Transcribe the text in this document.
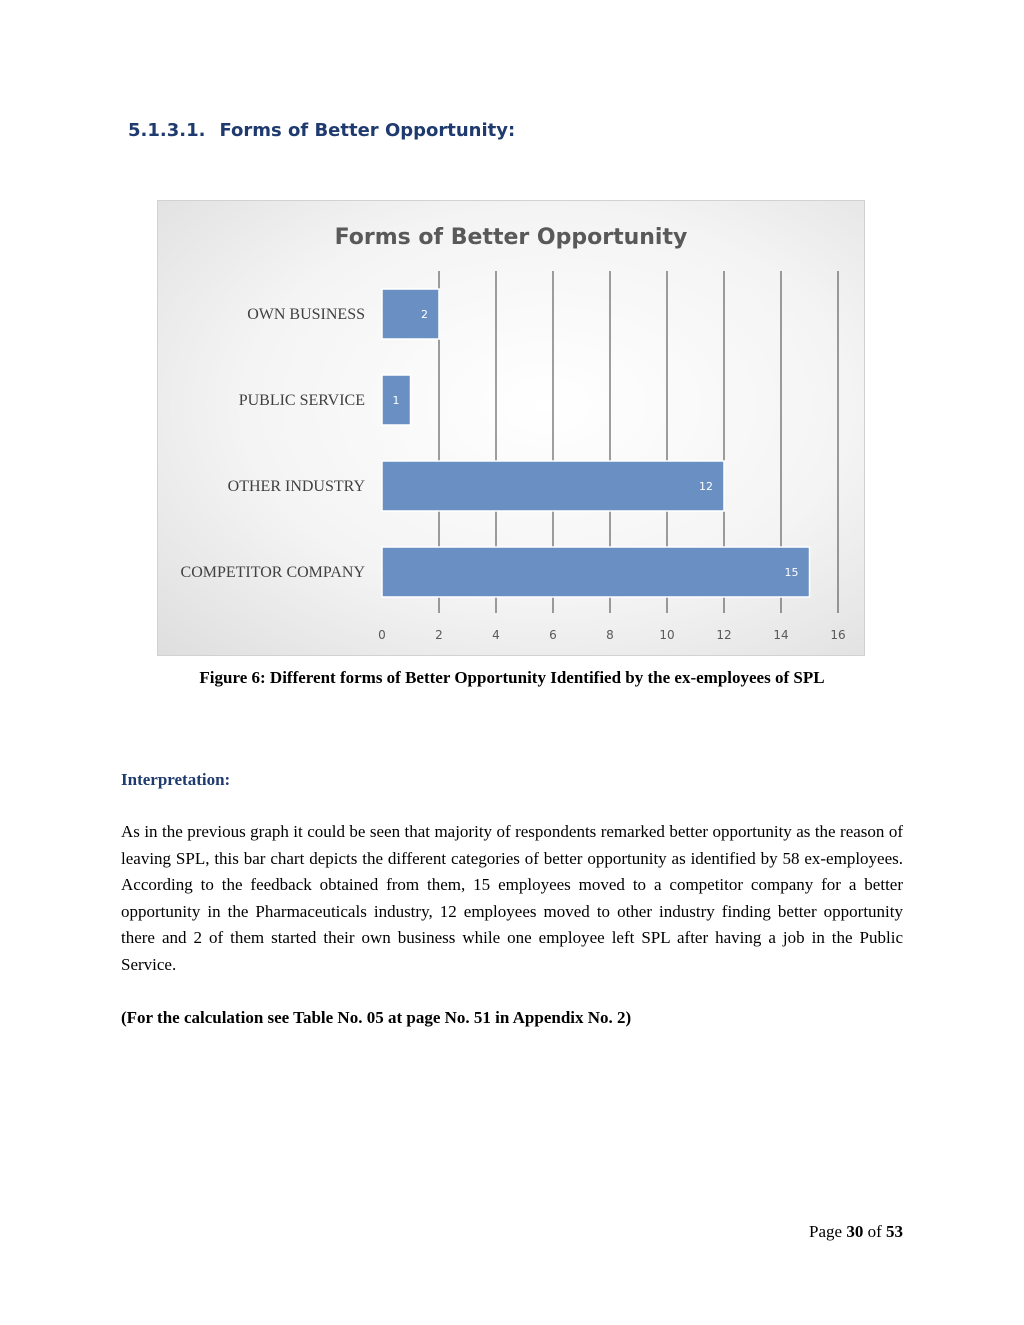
5.1.3.1. Forms of Better Opportunity:
Forms of Better Opportunity
2
OWN BUSINESS
1
PUBLIC SERVICE
12
OTHER INDUSTRY
15
COMPETITOR COMPANY
0	2	4	6	8	10	12	14	16
Figure 6: Different forms of Better Opportunity Identified by the ex-employees of SPL
Interpretation:

As in the previous graph it could be seen that majority of respondents remarked better opportunity as the reason of leaving SPL, this bar chart depicts the different categories of better opportunity as identified by 58 ex-employees. According to the feedback obtained from them, 15 employees moved to a competitor company for a better opportunity in the Pharmaceuticals industry, 12 employees moved to other industry finding better opportunity there and 2 of them started their own business while one employee left SPL after having a job in the Public Service.

(For the calculation see Table No. 05 at page No. 51 in Appendix No. 2)

Page 30 of 53
